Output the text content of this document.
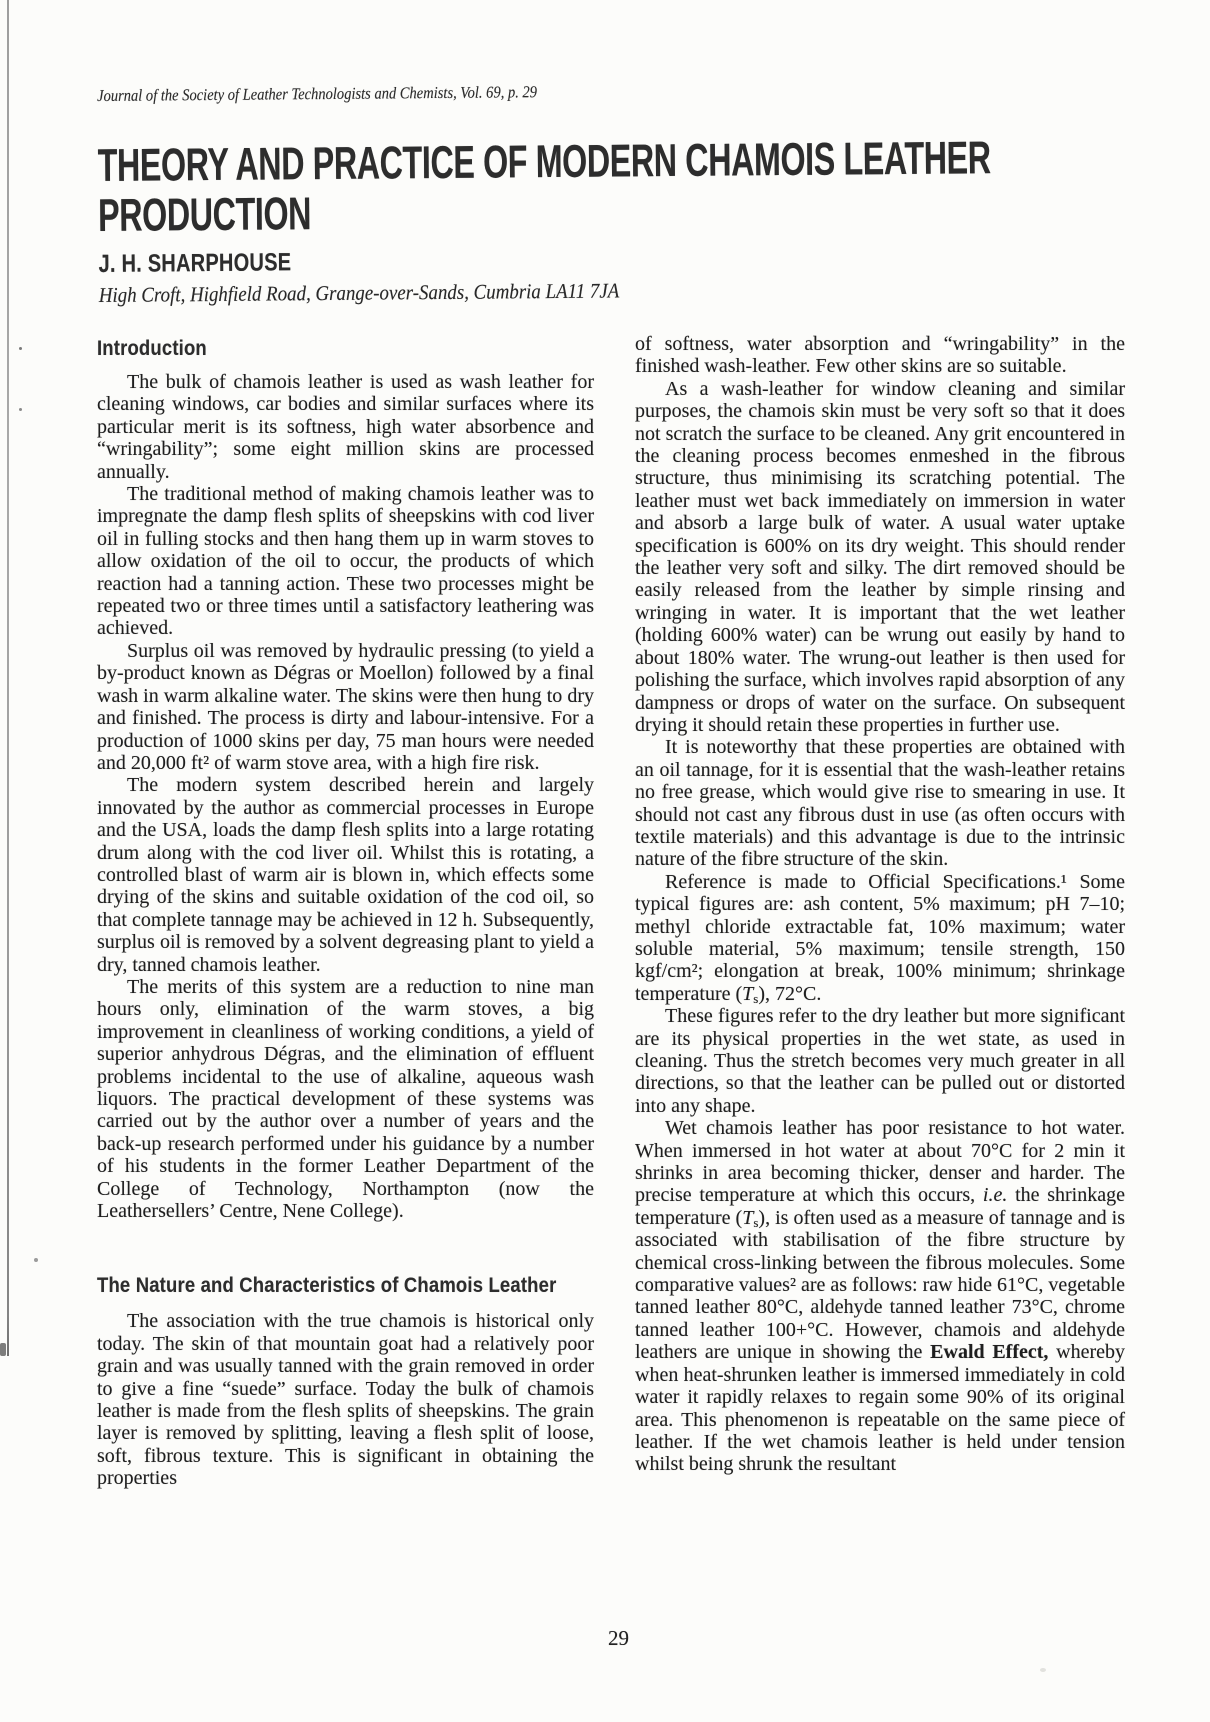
Journal of the Society of Leather Technologists and Chemists, Vol. 69, p. 29
THEORY AND PRACTICE OF MODERN CHAMOIS LEATHER
PRODUCTION
J. H. SHARPHOUSE
High Croft, Highfield Road, Grange-over-Sands, Cumbria LA11 7JA
Introduction

The bulk of chamois leather is used as wash leather for cleaning windows, car bodies and similar surfaces where its particular merit is its softness, high water absorbence and “wringability”; some eight million skins are processed annually.

The traditional method of making chamois leather was to impregnate the damp flesh splits of sheepskins with cod liver oil in fulling stocks and then hang them up in warm stoves to allow oxidation of the oil to occur, the products of which reaction had a tanning action. These two processes might be repeated two or three times until a satisfactory leathering was achieved.

Surplus oil was removed by hydraulic pressing (to yield a by-product known as Dégras or Moellon) followed by a final wash in warm alkaline water. The skins were then hung to dry and finished. The process is dirty and labour-intensive. For a production of 1000 skins per day, 75 man hours were needed and 20,000 ft² of warm stove area, with a high fire risk.

The modern system described herein and largely innovated by the author as commercial processes in Europe and the USA, loads the damp flesh splits into a large rotating drum along with the cod liver oil. Whilst this is rotating, a controlled blast of warm air is blown in, which effects some drying of the skins and suitable oxidation of the cod oil, so that complete tannage may be achieved in 12 h. Subsequently, surplus oil is removed by a solvent degreasing plant to yield a dry, tanned chamois leather.

The merits of this system are a reduction to nine man hours only, elimination of the warm stoves, a big improvement in cleanliness of working conditions, a yield of superior anhydrous Dégras, and the elimination of effluent problems incidental to the use of alkaline, aqueous wash liquors. The practical development of these systems was carried out by the author over a number of years and the back-up research performed under his guidance by a number of his students in the former Leather Department of the College of Technology, Northampton (now the Leathersellers’ Centre, Nene College).

The Nature and Characteristics of Chamois Leather

The association with the true chamois is historical only today. The skin of that mountain goat had a relatively poor grain and was usually tanned with the grain removed in order to give a fine “suede” surface. Today the bulk of chamois leather is made from the flesh splits of sheepskins. The grain layer is removed by splitting, leaving a flesh split of loose, soft, fibrous texture. This is significant in obtaining the properties

of softness, water absorption and “wringability” in the finished wash-leather. Few other skins are so suitable.

As a wash-leather for window cleaning and similar purposes, the chamois skin must be very soft so that it does not scratch the surface to be cleaned. Any grit encountered in the cleaning process becomes enmeshed in the fibrous structure, thus minimising its scratching potential. The leather must wet back immediately on immersion in water and absorb a large bulk of water. A usual water uptake specification is 600% on its dry weight. This should render the leather very soft and silky. The dirt removed should be easily released from the leather by simple rinsing and wringing in water. It is important that the wet leather (holding 600% water) can be wrung out easily by hand to about 180% water. The wrung-out leather is then used for polishing the surface, which involves rapid absorption of any dampness or drops of water on the surface. On subsequent drying it should retain these properties in further use.

It is noteworthy that these properties are obtained with an oil tannage, for it is essential that the wash-leather retains no free grease, which would give rise to smearing in use. It should not cast any fibrous dust in use (as often occurs with textile materials) and this advantage is due to the intrinsic nature of the fibre structure of the skin.

Reference is made to Official Specifications.¹ Some typical figures are: ash content, 5% maximum; pH 7–10; methyl chloride extractable fat, 10% maximum; water soluble material, 5% maximum; tensile strength, 150 kgf/cm²; elongation at break, 100% minimum; shrinkage temperature $(T_s)$, 72°C.

These figures refer to the dry leather but more significant are its physical properties in the wet state, as used in cleaning. Thus the stretch becomes very much greater in all directions, so that the leather can be pulled out or distorted into any shape.

Wet chamois leather has poor resistance to hot water. When immersed in hot water at about 70°C for 2 min it shrinks in area becoming thicker, denser and harder. The precise temperature at which this occurs, i.e. the shrinkage temperature $(T_s)$, is often used as a measure of tannage and is associated with stabilisation of the fibre structure by chemical cross-linking between the fibrous molecules. Some comparative values² are as follows: raw hide 61°C, vegetable tanned leather 80°C, aldehyde tanned leather 73°C, chrome tanned leather 100+°C. However, chamois and aldehyde leathers are unique in showing the Ewald Effect, whereby when heat-shrunken leather is immersed immediately in cold water it rapidly relaxes to regain some 90% of its original area. This phenomenon is repeatable on the same piece of leather. If the wet chamois leather is held under tension whilst being shrunk the resultant

29
